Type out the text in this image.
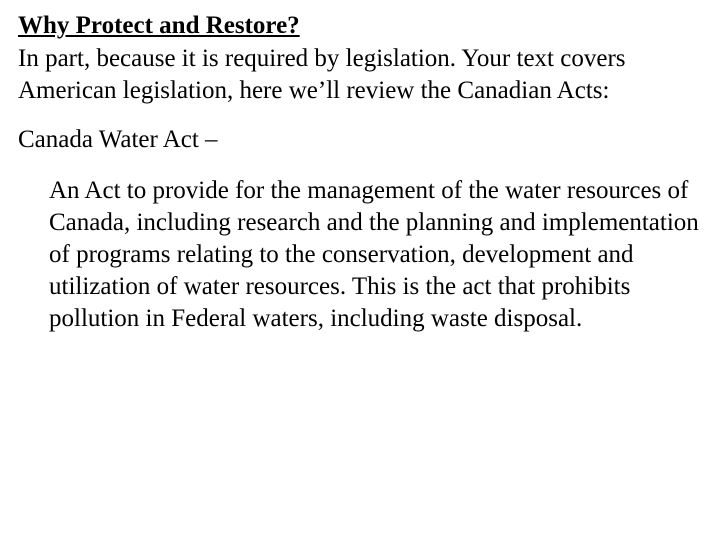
Why Protect and Restore?

In part, because it is required by legislation. Your text covers American legislation, here we’ll review the Canadian Acts:

Canada Water Act –

An Act to provide for the management of the water resources of Canada, including research and the planning and implementation of programs relating to the conservation, development and utilization of water resources. This is the act that prohibits pollution in Federal waters, including waste disposal.
